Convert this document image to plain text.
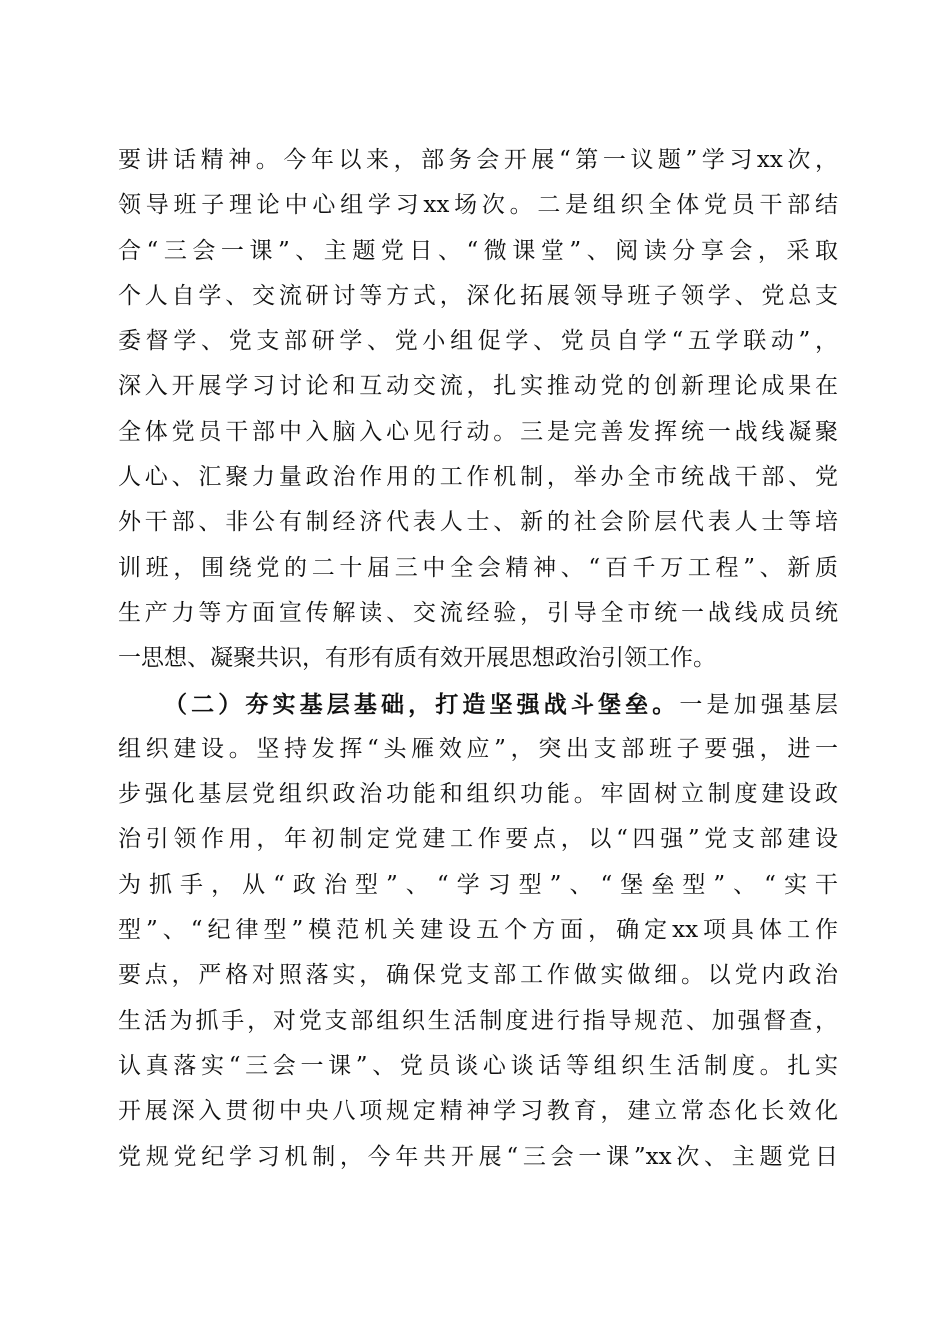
要讲话精神。今年以来，部务会开展“第一议题”学习xx次，
领导班子理论中心组学习xx场次。二是组织全体党员干部结
合“三会一课”、主题党日、“微课堂”、阅读分享会，采取
个人自学、交流研讨等方式，深化拓展领导班子领学、党总支
委督学、党支部研学、党小组促学、党员自学“五学联动”，
深入开展学习讨论和互动交流，扎实推动党的创新理论成果在
全体党员干部中入脑入心见行动。三是完善发挥统一战线凝聚
人心、汇聚力量政治作用的工作机制，举办全市统战干部、党
外干部、非公有制经济代表人士、新的社会阶层代表人士等培
训班，围绕党的二十届三中全会精神、“百千万工程”、新质
生产力等方面宣传解读、交流经验，引导全市统一战线成员统
一思想、凝聚共识，有形有质有效开展思想政治引领工作。
（二）夯实基层基础，打造坚强战斗堡垒。一是加强基层
组织建设。坚持发挥“头雁效应”，突出支部班子要强，进一
步强化基层党组织政治功能和组织功能。牢固树立制度建设政
治引领作用，年初制定党建工作要点，以“四强”党支部建设
为抓手，从“政治型”、“学习型”、“堡垒型”、“实干
型”、“纪律型”模范机关建设五个方面，确定xx项具体工作
要点，严格对照落实，确保党支部工作做实做细。以党内政治
生活为抓手，对党支部组织生活制度进行指导规范、加强督查，
认真落实“三会一课”、党员谈心谈话等组织生活制度。扎实
开展深入贯彻中央八项规定精神学习教育，建立常态化长效化
党规党纪学习机制，今年共开展“三会一课”xx次、主题党日
